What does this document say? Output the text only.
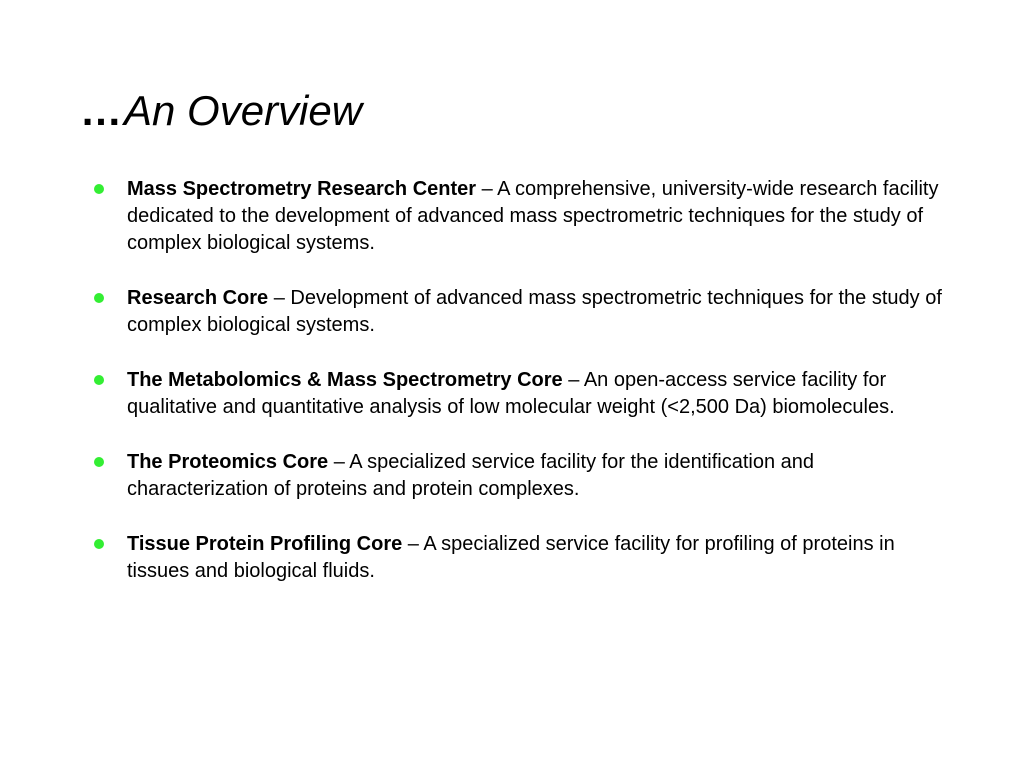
…An Overview
Mass Spectrometry Research Center – A comprehensive, university-wide research facility dedicated to the development of advanced mass spectrometric techniques for the study of complex biological systems.
Research Core – Development of advanced mass spectrometric techniques for the study of complex biological systems.
The Metabolomics & Mass Spectrometry Core – An open-access service facility for qualitative and quantitative analysis of low molecular weight (<2,500 Da) biomolecules.
The Proteomics Core – A specialized service facility for the identification and characterization of proteins and protein complexes.
Tissue Protein Profiling Core – A specialized service facility for profiling of proteins in tissues and biological fluids.
